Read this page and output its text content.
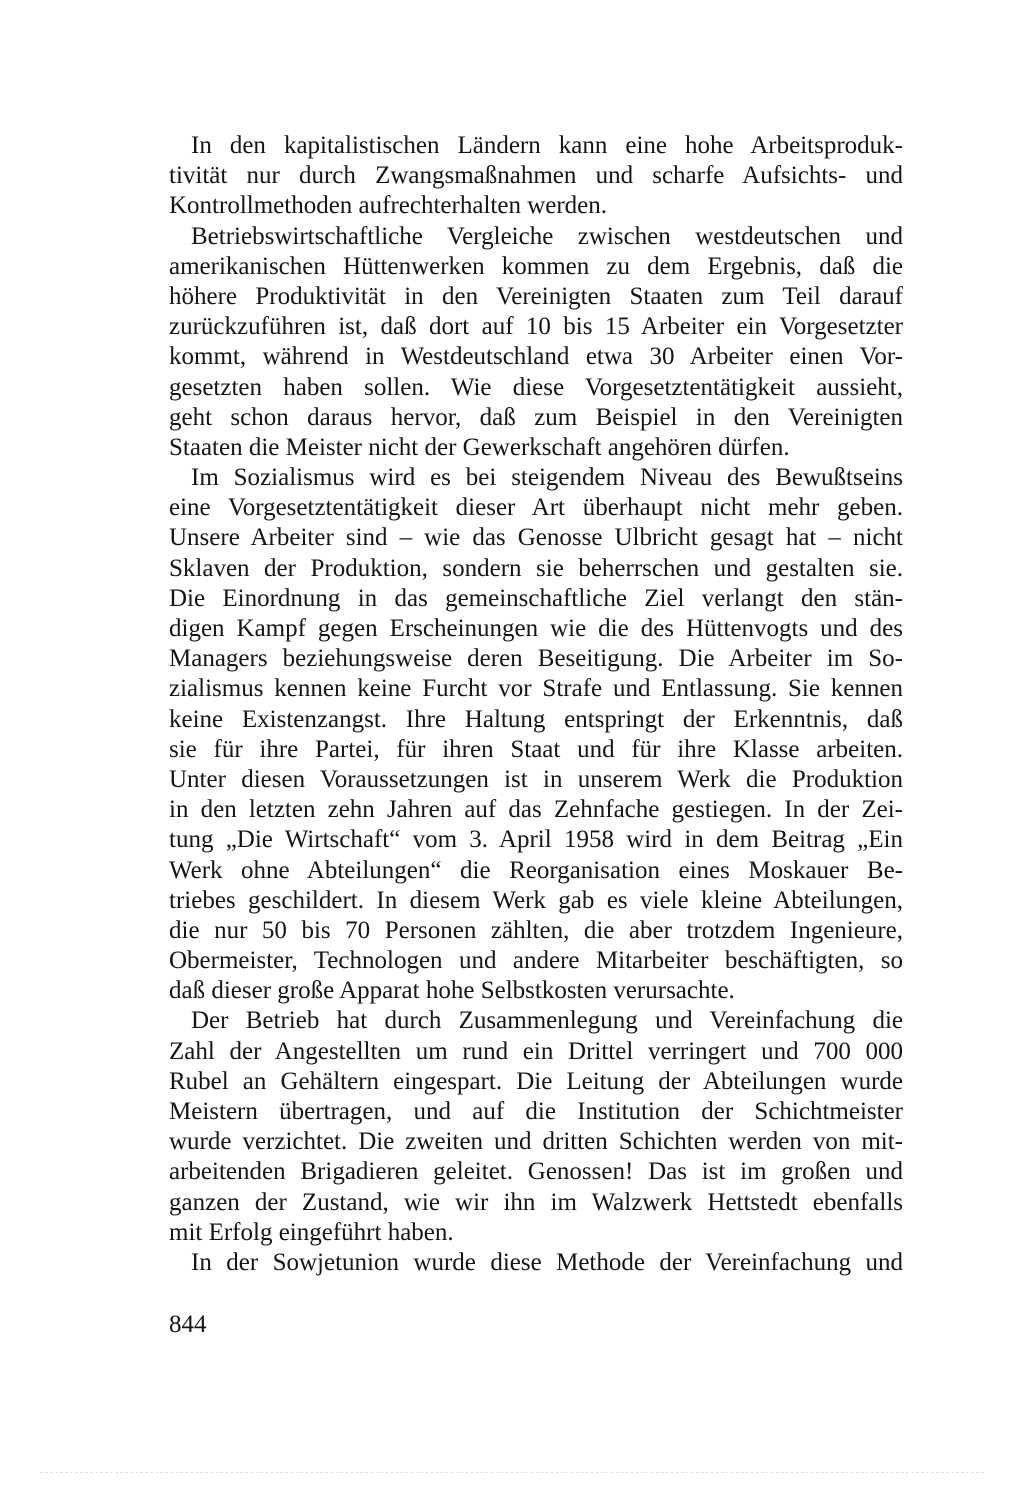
In den kapitalistischen Ländern kann eine hohe Arbeitsproduk-
tivität nur durch Zwangsmaßnahmen und scharfe Aufsichts- und
Kontrollmethoden aufrechterhalten werden.
Betriebswirtschaftliche Vergleiche zwischen westdeutschen und
amerikanischen Hüttenwerken kommen zu dem Ergebnis, daß die
höhere Produktivität in den Vereinigten Staaten zum Teil darauf
zurückzuführen ist, daß dort auf 10 bis 15 Arbeiter ein Vorgesetzter
kommt, während in Westdeutschland etwa 30 Arbeiter einen Vor-
gesetzten haben sollen. Wie diese Vorgesetztentätigkeit aussieht,
geht schon daraus hervor, daß zum Beispiel in den Vereinigten
Staaten die Meister nicht der Gewerkschaft angehören dürfen.
Im Sozialismus wird es bei steigendem Niveau des Bewußtseins
eine Vorgesetztentätigkeit dieser Art überhaupt nicht mehr geben.
Unsere Arbeiter sind – wie das Genosse Ulbricht gesagt hat – nicht
Sklaven der Produktion, sondern sie beherrschen und gestalten sie.
Die Einordnung in das gemeinschaftliche Ziel verlangt den stän-
digen Kampf gegen Erscheinungen wie die des Hüttenvogts und des
Managers beziehungsweise deren Beseitigung. Die Arbeiter im So-
zialismus kennen keine Furcht vor Strafe und Entlassung. Sie kennen
keine Existenzangst. Ihre Haltung entspringt der Erkenntnis, daß
sie für ihre Partei, für ihren Staat und für ihre Klasse arbeiten.
Unter diesen Voraussetzungen ist in unserem Werk die Produktion
in den letzten zehn Jahren auf das Zehnfache gestiegen. In der Zei-
tung „Die Wirtschaft“ vom 3. April 1958 wird in dem Beitrag „Ein
Werk ohne Abteilungen“ die Reorganisation eines Moskauer Be-
triebes geschildert. In diesem Werk gab es viele kleine Abteilungen,
die nur 50 bis 70 Personen zählten, die aber trotzdem Ingenieure,
Obermeister, Technologen und andere Mitarbeiter beschäftigten, so
daß dieser große Apparat hohe Selbstkosten verursachte.
Der Betrieb hat durch Zusammenlegung und Vereinfachung die
Zahl der Angestellten um rund ein Drittel verringert und 700 000
Rubel an Gehältern eingespart. Die Leitung der Abteilungen wurde
Meistern übertragen, und auf die Institution der Schichtmeister
wurde verzichtet. Die zweiten und dritten Schichten werden von mit-
arbeitenden Brigadieren geleitet. Genossen! Das ist im großen und
ganzen der Zustand, wie wir ihn im Walzwerk Hettstedt ebenfalls
mit Erfolg eingeführt haben.
In der Sowjetunion wurde diese Methode der Vereinfachung und
844
